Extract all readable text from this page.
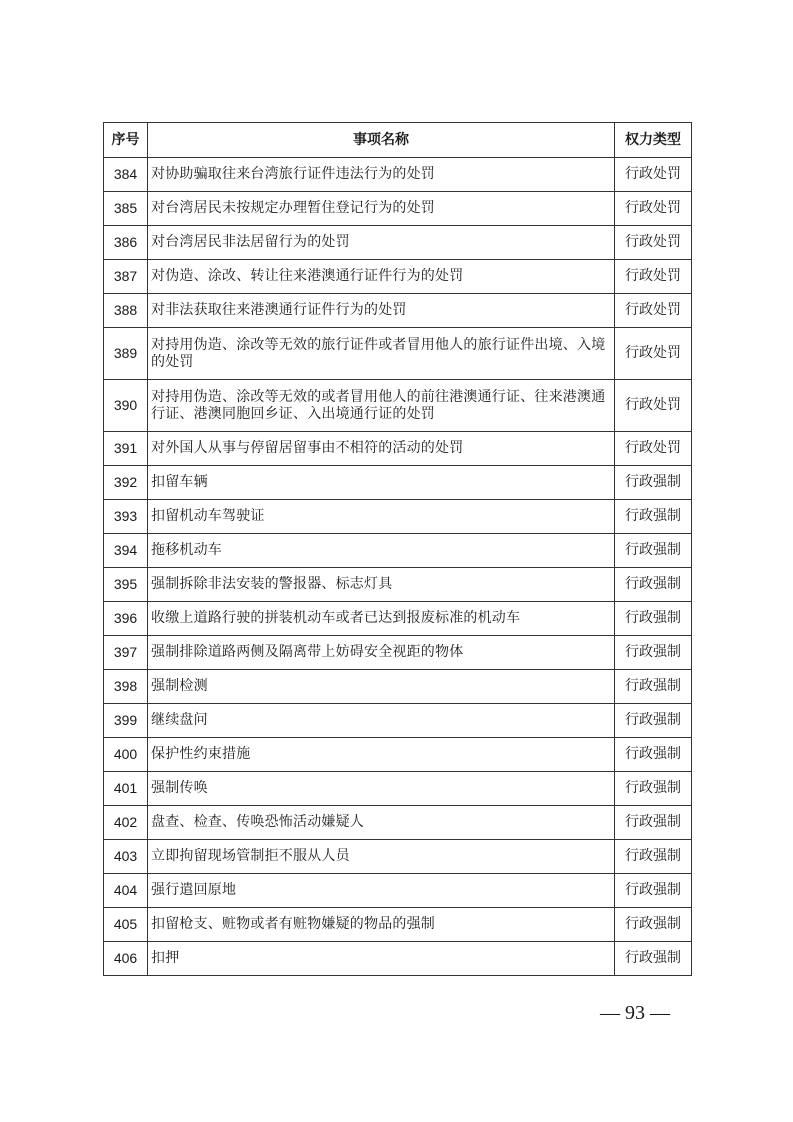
序号	事项名称	权力类型
384	对协助骗取往来台湾旅行证件违法行为的处罚	行政处罚
385	对台湾居民未按规定办理暂住登记行为的处罚	行政处罚
386	对台湾居民非法居留行为的处罚	行政处罚
387	对伪造、涂改、转让往来港澳通行证件行为的处罚	行政处罚
388	对非法获取往来港澳通行证件行为的处罚	行政处罚
389	对持用伪造、涂改等无效的旅行证件或者冒用他人的旅行证件出境、入境的处罚	行政处罚
390	对持用伪造、涂改等无效的或者冒用他人的前往港澳通行证、往来港澳通行证、港澳同胞回乡证、入出境通行证的处罚	行政处罚
391	对外国人从事与停留居留事由不相符的活动的处罚	行政处罚
392	扣留车辆	行政强制
393	扣留机动车驾驶证	行政强制
394	拖移机动车	行政强制
395	强制拆除非法安装的警报器、标志灯具	行政强制
396	收缴上道路行驶的拼装机动车或者已达到报废标准的机动车	行政强制
397	强制排除道路两侧及隔离带上妨碍安全视距的物体	行政强制
398	强制检测	行政强制
399	继续盘问	行政强制
400	保护性约束措施	行政强制
401	强制传唤	行政强制
402	盘查、检查、传唤恐怖活动嫌疑人	行政强制
403	立即拘留现场管制拒不服从人员	行政强制
404	强行遣回原地	行政强制
405	扣留枪支、赃物或者有赃物嫌疑的物品的强制	行政强制
406	扣押	行政强制
— 93 —
